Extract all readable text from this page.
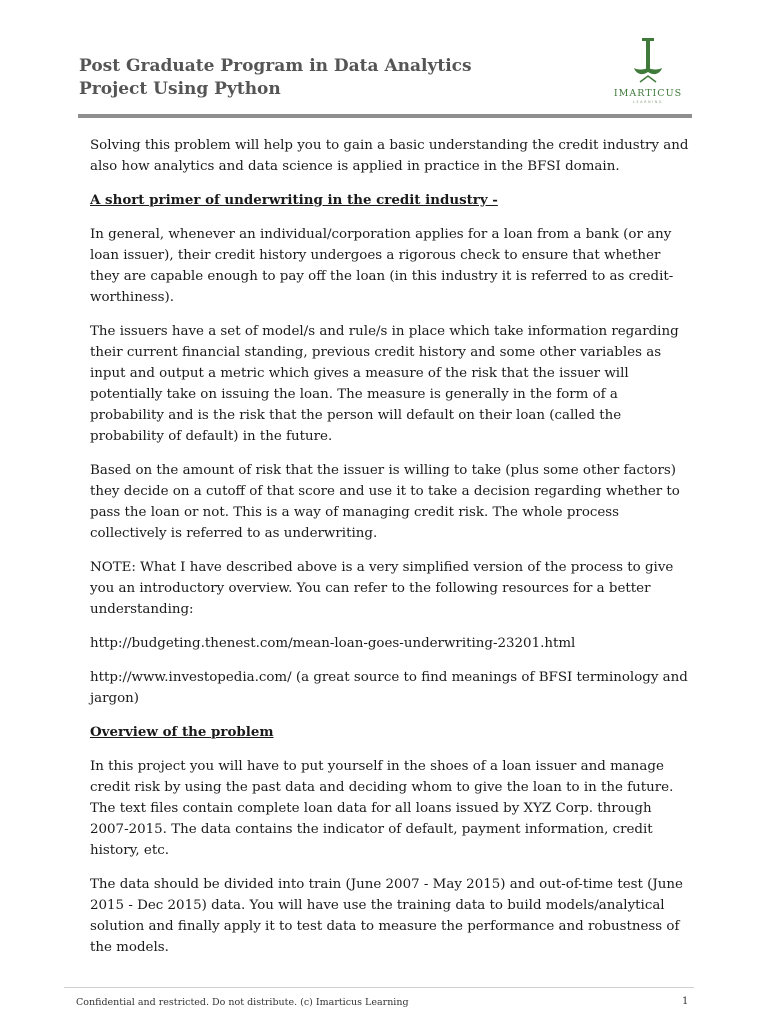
Post Graduate Program in Data Analytics
Project Using Python	IMARTICUS
LEARNING

Solving this problem will help you to gain a basic understanding the credit industry and also how analytics and data science is applied in practice in the BFSI domain.

A short primer of underwriting in the credit industry -

In general, whenever an individual/corporation applies for a loan from a bank (or any loan issuer), their credit history undergoes a rigorous check to ensure that whether they are capable enough to pay off the loan (in this industry it is referred to as credit-worthiness).

The issuers have a set of model/s and rule/s in place which take information regarding their current financial standing, previous credit history and some other variables as input and output a metric which gives a measure of the risk that the issuer will potentially take on issuing the loan. The measure is generally in the form of a probability and is the risk that the person will default on their loan (called the probability of default) in the future.

Based on the amount of risk that the issuer is willing to take (plus some other factors) they decide on a cutoff of that score and use it to take a decision regarding whether to pass the loan or not. This is a way of managing credit risk. The whole process collectively is referred to as underwriting.

NOTE: What I have described above is a very simplified version of the process to give you an introductory overview. You can refer to the following resources for a better understanding:

http://budgeting.thenest.com/mean-loan-goes-underwriting-23201.html

http://www.investopedia.com/ (a great source to find meanings of BFSI terminology and jargon)

Overview of the problem

In this project you will have to put yourself in the shoes of a loan issuer and manage credit risk by using the past data and deciding whom to give the loan to in the future. The text files contain complete loan data for all loans issued by XYZ Corp. through 2007-2015. The data contains the indicator of default, payment information, credit history, etc.

The data should be divided into train (June 2007 - May 2015) and out-of-time test (June 2015 - Dec 2015) data. You will have use the training data to build models/analytical solution and finally apply it to test data to measure the performance and robustness of the models.

Confidential and restricted. Do not distribute. (c) Imarticus Learning	1
